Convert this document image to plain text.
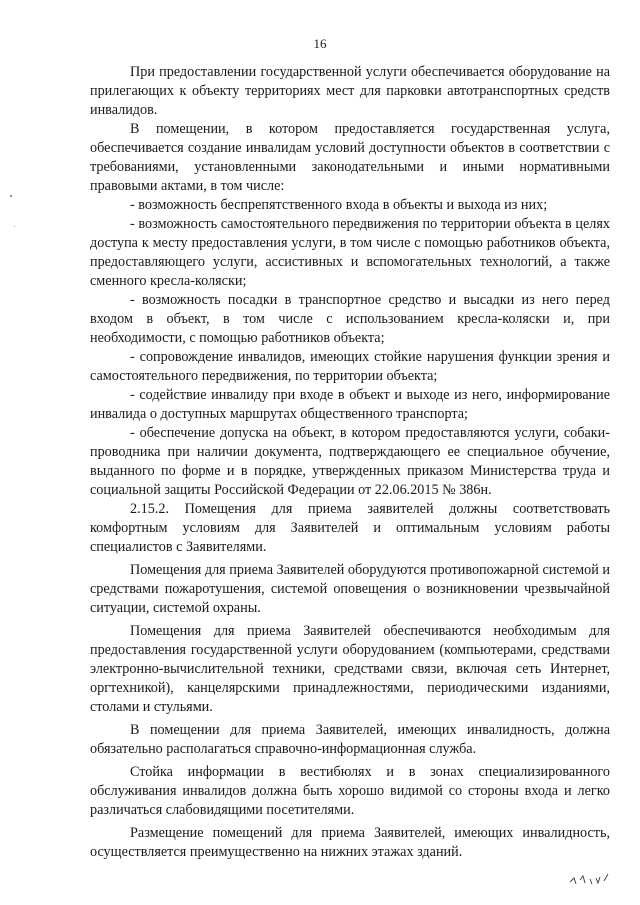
16

При предоставлении государственной услуги обеспечивается оборудование на прилегающих к объекту территориях мест для парковки автотранспортных средств инвалидов.

В помещении, в котором предоставляется государственная услуга, обеспечивается создание инвалидам условий доступности объектов в соответствии с требованиями, установленными законодательными и иными нормативными правовыми актами, в том числе:

- возможность беспрепятственного входа в объекты и выхода из них;

- возможность самостоятельного передвижения по территории объекта в целях доступа к месту предоставления услуги, в том числе с помощью работников объекта, предоставляющего услуги, ассистивных и вспомогательных технологий, а также сменного кресла-коляски;

- возможность посадки в транспортное средство и высадки из него перед входом в объект, в том числе с использованием кресла-коляски и, при необходимости, с помощью работников объекта;

- сопровождение инвалидов, имеющих стойкие нарушения функции зрения и самостоятельного передвижения, по территории объекта;

- содействие инвалиду при входе в объект и выходе из него, информирование инвалида о доступных маршрутах общественного транспорта;

- обеспечение допуска на объект, в котором предоставляются услуги, собаки-проводника при наличии документа, подтверждающего ее специальное обучение, выданного по форме и в порядке, утвержденных приказом Министерства труда и социальной защиты Российской Федерации от 22.06.2015 № 386н.

2.15.2. Помещения для приема заявителей должны соответствовать комфортным условиям для Заявителей и оптимальным условиям работы специалистов с Заявителями.

Помещения для приема Заявителей оборудуются противопожарной системой и средствами пожаротушения, системой оповещения о возникновении чрезвычайной ситуации, системой охраны.

Помещения для приема Заявителей обеспечиваются необходимым для предоставления государственной услуги оборудованием (компьютерами, средствами электронно-вычислительной техники, средствами связи, включая сеть Интернет, оргтехникой), канцелярскими принадлежностями, периодическими изданиями, столами и стульями.

В помещении для приема Заявителей, имеющих инвалидность, должна обязательно располагаться справочно-информационная служба.

Стойка информации в вестибюлях и в зонах специализированного обслуживания инвалидов должна быть хорошо видимой со стороны входа и легко различаться слабовидящими посетителями.

Размещение помещений для приема Заявителей, имеющих инвалидность, осуществляется преимущественно на нижних этажах зданий.
